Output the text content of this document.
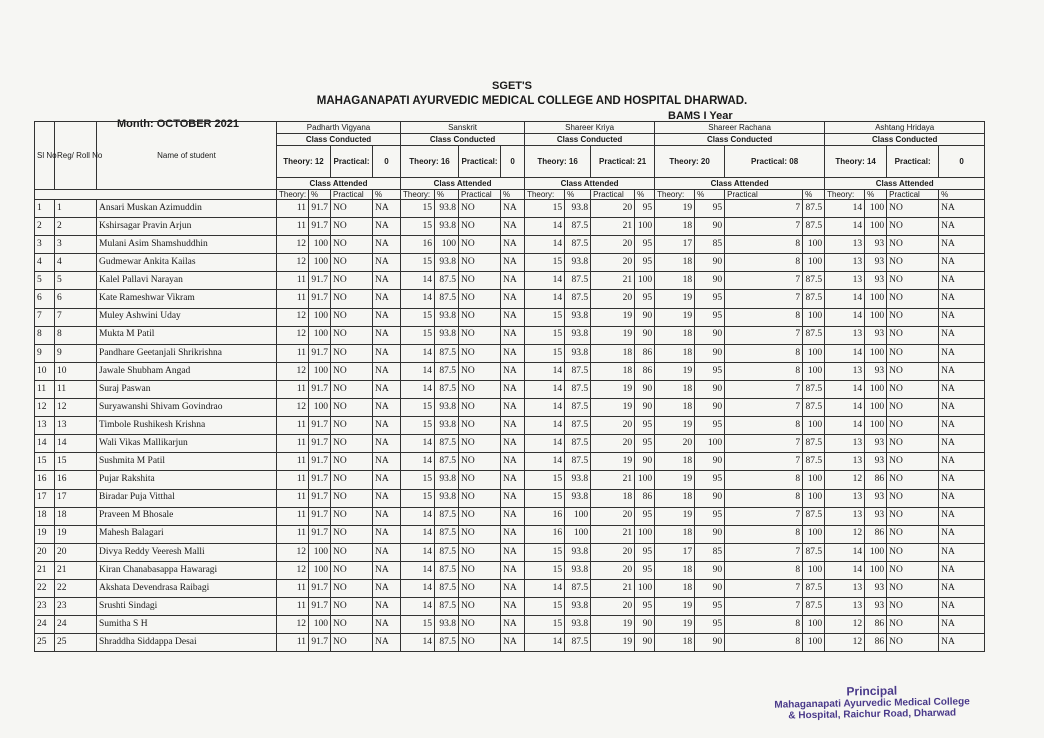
SGET'S
MAHAGANAPATI AYURVEDIC MEDICAL COLLEGE AND HOSPITAL DHARWAD.
Month: OCTOBER 2021
BAMS I Year
Sl No	Reg/ Roll No	Name of student	Padharth Vigyana				Sanskrit				Shareer Kriya				Shareer Rachana				Ashtang Hridaya			
			Class Conducted				Class Conducted				Class Conducted				Class Conducted				Class Conducted			
			Theory: 12		Practical:	0	Theory: 16		Practical:	0	Theory: 16		Practical: 21		Theory: 20		Practical: 08		Theory: 14		Practical:	0
			Class Attended				Class Attended				Class Attended				Class Attended				Class Attended			
			Theory:	%	Practical	%	Theory:	%	Practical	%	Theory:	%	Practical	%	Theory:	%	Practical	%	Theory:	%	Practical	%
1	1	Ansari Muskan Azimuddin	11	91.7	NO	NA	15	93.8	NO	NA	15	93.8	20	95	19	95	7	87.5	14	100	NO	NA
2	2	Kshirsagar Pravin Arjun	11	91.7	NO	NA	15	93.8	NO	NA	14	87.5	21	100	18	90	7	87.5	14	100	NO	NA
3	3	Mulani Asim Shamshuddhin	12	100	NO	NA	16	100	NO	NA	14	87.5	20	95	17	85	8	100	13	93	NO	NA
4	4	Gudmewar Ankita Kailas	12	100	NO	NA	15	93.8	NO	NA	15	93.8	20	95	18	90	8	100	13	93	NO	NA
5	5	Kalel Pallavi Narayan	11	91.7	NO	NA	14	87.5	NO	NA	14	87.5	21	100	18	90	7	87.5	13	93	NO	NA
6	6	Kate Rameshwar Vikram	11	91.7	NO	NA	14	87.5	NO	NA	14	87.5	20	95	19	95	7	87.5	14	100	NO	NA
7	7	Muley Ashwini Uday	12	100	NO	NA	15	93.8	NO	NA	15	93.8	19	90	19	95	8	100	14	100	NO	NA
8	8	Mukta M Patil	12	100	NO	NA	15	93.8	NO	NA	15	93.8	19	90	18	90	7	87.5	13	93	NO	NA
9	9	Pandhare Geetanjali Shrikrishna	11	91.7	NO	NA	14	87.5	NO	NA	15	93.8	18	86	18	90	8	100	14	100	NO	NA
10	10	Jawale Shubham Angad	12	100	NO	NA	14	87.5	NO	NA	14	87.5	18	86	19	95	8	100	13	93	NO	NA
11	11	Suraj Paswan	11	91.7	NO	NA	14	87.5	NO	NA	14	87.5	19	90	18	90	7	87.5	14	100	NO	NA
12	12	Suryawanshi Shivam Govindrao	12	100	NO	NA	15	93.8	NO	NA	14	87.5	19	90	18	90	7	87.5	14	100	NO	NA
13	13	Timbole Rushikesh Krishna	11	91.7	NO	NA	15	93.8	NO	NA	14	87.5	20	95	19	95	8	100	14	100	NO	NA
14	14	Wali Vikas Mallikarjun	11	91.7	NO	NA	14	87.5	NO	NA	14	87.5	20	95	20	100	7	87.5	13	93	NO	NA
15	15	Sushmita M Patil	11	91.7	NO	NA	14	87.5	NO	NA	14	87.5	19	90	18	90	7	87.5	13	93	NO	NA
16	16	Pujar Rakshita	11	91.7	NO	NA	15	93.8	NO	NA	15	93.8	21	100	19	95	8	100	12	86	NO	NA
17	17	Biradar Puja Vitthal	11	91.7	NO	NA	15	93.8	NO	NA	15	93.8	18	86	18	90	8	100	13	93	NO	NA
18	18	Praveen M Bhosale	11	91.7	NO	NA	14	87.5	NO	NA	16	100	20	95	19	95	7	87.5	13	93	NO	NA
19	19	Mahesh Balagari	11	91.7	NO	NA	14	87.5	NO	NA	16	100	21	100	18	90	8	100	12	86	NO	NA
20	20	Divya Reddy Veeresh Malli	12	100	NO	NA	14	87.5	NO	NA	15	93.8	20	95	17	85	7	87.5	14	100	NO	NA
21	21	Kiran Chanabasappa Hawaragi	12	100	NO	NA	14	87.5	NO	NA	15	93.8	20	95	18	90	8	100	14	100	NO	NA
22	22	Akshata Devendrasa Raibagi	11	91.7	NO	NA	14	87.5	NO	NA	14	87.5	21	100	18	90	7	87.5	13	93	NO	NA
23	23	Srushti Sindagi	11	91.7	NO	NA	14	87.5	NO	NA	15	93.8	20	95	19	95	7	87.5	13	93	NO	NA
24	24	Sumitha S H	12	100	NO	NA	15	93.8	NO	NA	15	93.8	19	90	19	95	8	100	12	86	NO	NA
25	25	Shraddha Siddappa Desai	11	91.7	NO	NA	14	87.5	NO	NA	14	87.5	19	90	18	90	8	100	12	86	NO	NA
Principal
Mahaganapati Ayurvedic Medical College
& Hospital, Raichur Road, Dharwad
